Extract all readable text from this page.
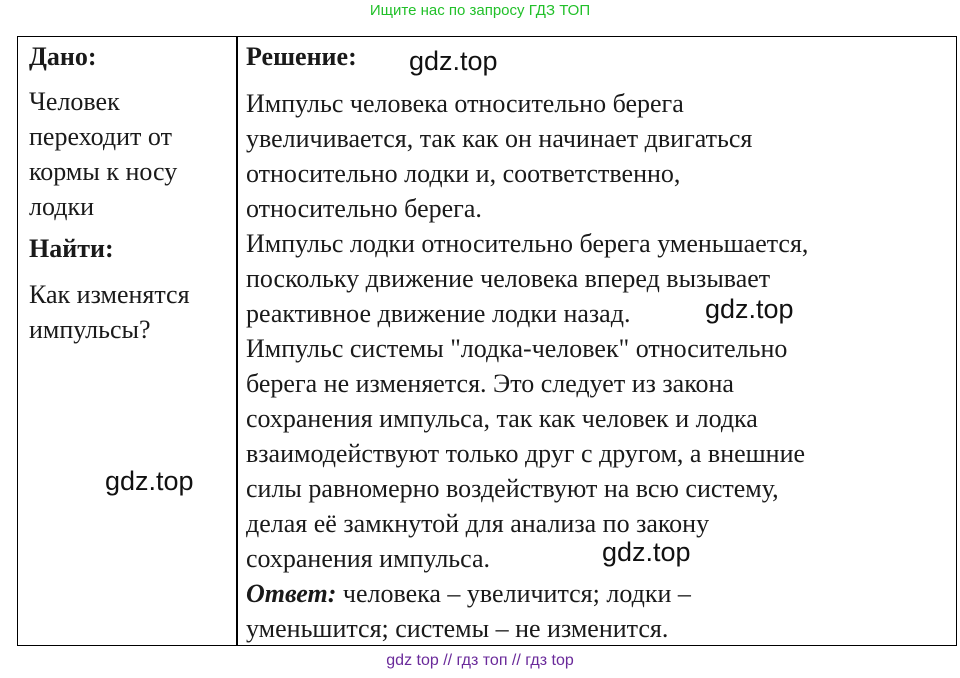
Ищите нас по запросу ГДЗ ТОП
Дано:

Человек переходит от кормы к носу лодки

Найти:

Как изменятся импульсы?

Решение:

Импульс человека относительно берега
увеличивается, так как он начинает двигаться
относительно лодки и, соответственно,
относительно берега.

Импульс лодки относительно берега уменьшается,
поскольку движение человека вперед вызывает
реактивное движение лодки назад.

Импульс системы "лодка-человек" относительно
берега не изменяется. Это следует из закона
сохранения импульса, так как человек и лодка
взаимодействуют только друг с другом, а внешние
силы равномерно воздействуют на всю систему,
делая её замкнутой для анализа по закону
сохранения импульса.

Ответ: человека – увеличится; лодки –
уменьшится; системы – не изменится.

gdz.top
gdz.top
gdz.top
gdz.top
gdz top // гдз топ // гдз top
